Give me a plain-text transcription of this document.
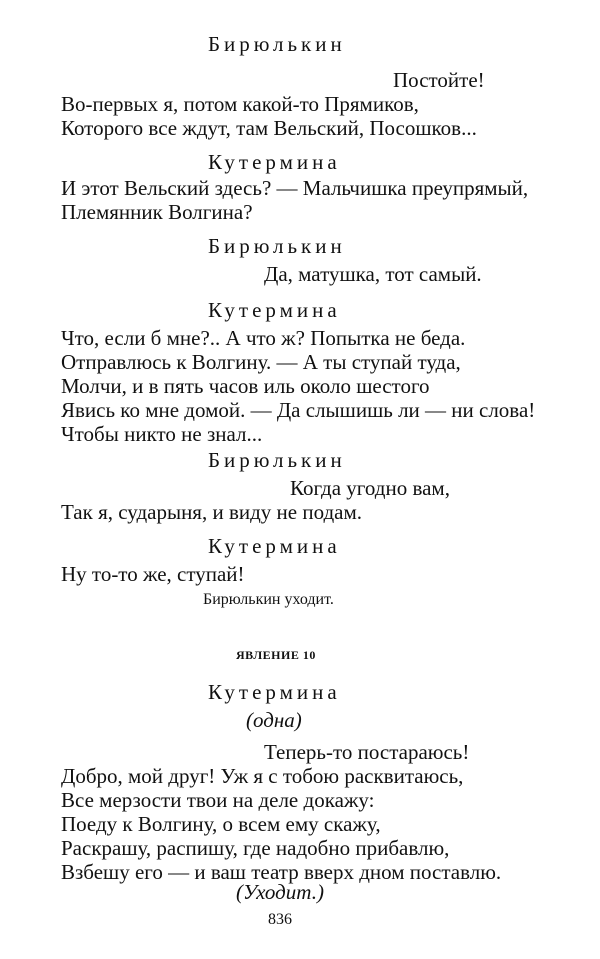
Бирюлькин
Постойте!
Во-первых я, потом какой-то Прямиков,
Которого все ждут, там Вельский, Посошков...
Кутермина
И этот Вельский здесь? — Мальчишка преупрямый,
Племянник Волгина?
Бирюлькин
Да, матушка, тот самый.
Кутермина
Что, если б мне?.. А что ж? Попытка не беда.
Отправлюсь к Волгину. — А ты ступай туда,
Молчи, и в пять часов иль около шестого
Явись ко мне домой. — Да слышишь ли — ни слова!
Чтобы никто не знал...
Бирюлькин
Когда угодно вам,
Так я, сударыня, и виду не подам.
Кутермина
Ну то-то же, ступай!
Бирюлькин уходит.
ЯВЛЕНИЕ 10
Кутермина
(одна)
Теперь-то постараюсь!
Добро, мой друг! Уж я с тобою расквитаюсь,
Все мерзости твои на деле докажу:
Поеду к Волгину, о всем ему скажу,
Раскрашу, распишу, где надобно прибавлю,
Взбешу его — и ваш театр вверх дном поставлю.
(Уходит.)
836
